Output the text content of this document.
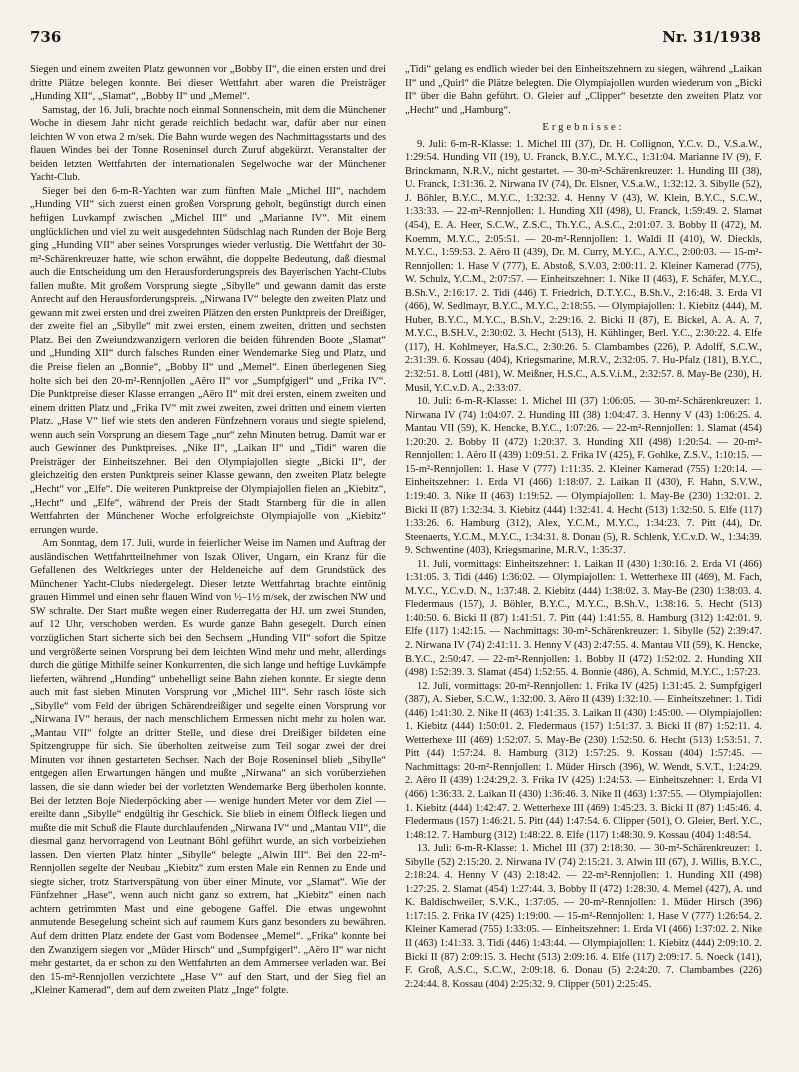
736	Nr. 31/1938

Siegen und einem zweiten Platz gewonnen vor „Bobby II“, die einen ersten und drei dritte Plätze belegen konnte. Bei dieser Wettfahrt aber waren die Preisträger „Hunding XII“, „Slamat“, „Bobby II“ und „Memel“.

Samstag, der 16. Juli, brachte noch einmal Sonnenschein, mit dem die Münchener Woche in diesem Jahr nicht gerade reichlich bedacht war, dafür aber nur einen leichten W von etwa 2 m/sek. Die Bahn wurde wegen des Nachmittagsstarts und des flauen Windes bei der Tonne Roseninsel durch Zuruf abgekürzt. Veranstalter der beiden letzten Wettfahrten der internationalen Segelwoche war der Münchener Yacht-Club.

Sieger bei den 6-m-R-Yachten war zum fünften Male „Michel III“, nachdem „Hunding VII“ sich zuerst einen großen Vorsprung geholt, begünstigt durch einen heftigen Luvkampf zwischen „Michel III“ und „Marianne IV“. Mit einem unglücklichen und viel zu weit ausgedehnten Südschlag nach Runden der Boje Berg ging „Hunding VII“ aber seines Vorsprunges wieder verlustig. Die Wettfahrt der 30-m²-Schärenkreuzer hatte, wie schon erwähnt, die doppelte Bedeutung, daß diesmal auch die Entscheidung um den Herausforderungspreis des Bayerischen Yacht-Clubs fallen mußte. Mit großem Vorsprung siegte „Sibylle“ und gewann damit das erste Anrecht auf den Herausforderungspreis. „Nirwana IV“ belegte den zweiten Platz und gewann mit zwei ersten und drei zweiten Plätzen den ersten Punktpreis der Dreißiger, der zweite fiel an „Sibylle“ mit zwei ersten, einem zweiten, dritten und sechsten Platz. Bei den Zweiundzwanzigern verloren die beiden führenden Boote „Slamat“ und „Hunding XII“ durch falsches Runden einer Wendemarke Sieg und Platz, und die Preise fielen an „Bonnie“, „Bobby II“ und „Memel“. Einen überlegenen Sieg holte sich bei den 20-m²-Rennjollen „Aëro II“ vor „Sumpfgigerl“ und „Frika IV“. Die Punktpreise dieser Klasse errangen „Aëro II“ mit drei ersten, einem zweiten und einem dritten Platz und „Frika IV“ mit zwei zweiten, zwei dritten und einem vierten Platz. „Hase V“ lief wie stets den anderen Fünfzehnern voraus und siegte spielend, wenn auch sein Vorsprung an diesem Tage „nur“ zehn Minuten betrug. Damit war er auch Gewinner des Punktpreises. „Nike II“, „Laikan II“ und „Tidi“ waren die Preisträger der Einheitszehner. Bei den Olympiajollen siegte „Bicki II“, der gleichzeitig den ersten Punktpreis seiner Klasse gewann, den zweiten Platz belegte „Hecht“ vor „Elfe“. Die weiteren Punktpreise der Olympiajollen fielen an „Kiebitz“, „Hecht“ und „Elfe“, während der Preis der Stadt Starnberg für die in allen Wettfahrten der Münchener Woche erfolgreichste Olympiajolle von „Kiebitz“ errungen wurde.

Am Sonntag, dem 17. Juli, wurde in feierlicher Weise im Namen und Auftrag der ausländischen Wettfahrtteilnehmer von Iszak Oliver, Ungarn, ein Kranz für die Gefallenen des Weltkrieges unter der Heldeneiche auf dem Grundstück des Münchener Yacht-Clubs niedergelegt. Dieser letzte Wettfahrtag brachte eintönig grauen Himmel und einen sehr flauen Wind von ½–1½ m/sek, der zwischen NW und SW schralte. Der Start mußte wegen einer Ruderregatta der HJ. um zwei Stunden, auf 12 Uhr, verschoben werden. Es wurde ganze Bahn gesegelt. Durch einen vorzüglichen Start sicherte sich bei den Sechsern „Hunding VII“ sofort die Spitze und vergrößerte seinen Vorsprung bei dem leichten Wind mehr und mehr, allerdings durch die gütige Mithilfe seiner Konkurrenten, die sich lange und heftige Luvkämpfe lieferten, während „Hunding“ unbehelligt seine Bahn ziehen konnte. Er siegte denn auch mit fast sieben Minuten Vorsprung vor „Michel III“. Sehr rasch löste sich „Sibylle“ vom Feld der übrigen Schärendreißiger und segelte einen Vorsprung vor „Nirwana IV“ heraus, der nach menschlichem Ermessen nicht mehr zu holen war. „Mantau VII“ folgte an dritter Stelle, und diese drei Dreißiger bildeten eine Spitzengruppe für sich. Sie überholten zeitweise zum Teil sogar zwei der drei Minuten vor ihnen gestarteten Sechser. Nach der Boje Roseninsel blieb „Sibylle“ entgegen allen Erwartungen hängen und mußte „Nirwana“ an sich vorüberziehen lassen, die sie dann wieder bei der vorletzten Wendemarke Berg überholen konnte. Bei der letzten Boje Niederpöcking aber — wenige hundert Meter vor dem Ziel — ereilte dann „Sibylle“ endgültig ihr Geschick. Sie blieb in einem Ölfleck liegen und mußte die mit Schuß die Flaute durchlaufenden „Nirwana IV“ und „Mantau VII“, die diesmal ganz hervorragend von Leutnant Böhl geführt wurde, an sich vorbeiziehen lassen. Den vierten Platz hinter „Sibylle“ belegte „Alwin III“. Bei den 22-m²-Rennjollen segelte der Neubau „Kiebitz“ zum ersten Male ein Rennen zu Ende und siegte sicher, trotz Startverspätung von über einer Minute, vor „Slamat“. Wie der Fünfzehner „Hase“, wenn auch nicht ganz so extrem, hat „Kiebitz“ einen nach achtern getrimmten Mast und eine gebogene Gaffel. Die etwas ungewohnt anmutende Besegelung scheint sich auf raumem Kurs ganz besonders zu bewähren. Auf dem dritten Platz endete der Gast vom Bodensee „Memel“. „Frika“ konnte bei den Zwanzigern siegen vor „Müder Hirsch“ und „Sumpfgigerl“. „Aëro II“ war nicht mehr gestartet, da er schon zu den Wettfahrten an dem Ammersee verladen war. Bei den 15-m²-Rennjollen verzichtete „Hase V“ auf den Start, und der Sieg fiel an „Kleiner Kamerad“, dem auf dem zweiten Platz „Inge“ folgte.

„Tidi“ gelang es endlich wieder bei den Einheitszehnern zu siegen, während „Laikan II“ und „Quirl“ die Plätze belegten. Die Olympiajollen wurden wiederum von „Bicki II“ über die Bahn geführt. O. Gleier auf „Clipper“ besetzte den zweiten Platz vor „Hecht“ und „Hamburg“.

Ergebnisse:

9. Juli: 6-m-R-Klasse: 1. Michel III (37), Dr. H. Collignon, Y.C.v. D., V.S.a.W., 1:29:54. Hunding VII (19), U. Franck, B.Y.C., M.Y.C., 1:31:04. Marianne IV (9), F. Brinckmann, N.R.V., nicht gestartet. — 30-m²-Schärenkreuzer: 1. Hunding III (38), U. Franck, 1:31:36. 2. Nirwana IV (74), Dr. Elsner, V.S.a.W., 1:32:12. 3. Sibylle (52), J. Böhler, B.Y.C., M.Y.C., 1:32:32. 4. Henny V (43), W. Klein, B.Y.C., S.C.W., 1:33:33. — 22-m²-Rennjollen: 1. Hunding XII (498), U. Franck, 1:59:49. 2. Slamat (454), E. A. Heer, S.C.W., Z.S.C., Th.Y.C., A.S.C., 2:01:07. 3. Bobby II (472), M. Koemm, M.Y.C., 2:05:51. — 20-m²-Rennjollen: 1. Waldi II (410), W. Dieckls, M.Y.C., 1:59:53. 2. Aëro II (439), Dr. M. Curry, M.Y.C., A.Y.C., 2:00:03. — 15-m²-Rennjollen: 1. Hase V (777), E. Abstoß, S.V.03, 2:00:11. 2. Kleiner Kamerad (775), W. Schulz, Y.C.M., 2:07:57. — Einheitszehner: 1. Nike II (463), F. Schäfer, M.Y.C., B.Sh.V., 2:16:17. 2. Tidi (446) T. Friedrich, D.T.Y.C., B.Sh.V., 2:16:48. 3. Erda VI (466), W. Sedlmayr, B.Y.C., M.Y.C., 2:18:55. — Olympiajollen: 1. Kiebitz (444), M. Huber, B.Y.C., M.Y.C., B.Sh.V., 2:29:16. 2. Bicki II (87), E. Bickel, A. A. A. 7, M.Y.C., B.SH.V., 2:30:02. 3. Hecht (513), H. Kühlinger, Berl. Y.C., 2:30:22. 4. Elfe (117), H. Kohlmeyer, Ha.S.C., 2:30:26. 5. Clambambes (226), P. Adolff, S.C.W., 2:31:39. 6. Kossau (404), Kriegsmarine, M.R.V., 2:32:05. 7. Hu-Pfalz (181), B.Y.C., 2:32:51. 8. Lottl (481), W. Meißner, H.S.C., A.S.V.i.M., 2:32:57. 8. May-Be (230), H. Musil, Y.C.v.D. A., 2:33:07.

10. Juli: 6-m-R-Klasse: 1. Michel III (37) 1:06:05. — 30-m²-Schärenkreuzer: 1. Nirwana IV (74) 1:04:07. 2. Hunding III (38) 1:04:47. 3. Henny V (43) 1:06:25. 4. Mantau VII (59), K. Hencke, B.Y.C., 1:07:26. — 22-m²-Rennjollen: 1. Slamat (454) 1:20:20. 2. Bobby II (472) 1:20:37. 3. Hunding XII (498) 1:20:54. — 20-m²-Rennjollen: 1. Aëro II (439) 1:09:51. 2. Frika IV (425), F. Gohlke, Z.S.V., 1:10:15. — 15-m²-Rennjollen: 1. Hase V (777) 1:11:35. 2. Kleiner Kamerad (755) 1:20:14. — Einheitszehner: 1. Erda VI (466) 1:18:07. 2. Laikan II (430), F. Hahn, S.V.W., 1:19:40. 3. Nike II (463) 1:19:52. — Olympiajollen: 1. May-Be (230) 1:32:01. 2. Bicki II (87) 1:32:34. 3. Kiebitz (444) 1:32:41. 4. Hecht (513) 1:32:50. 5. Elfe (117) 1:33:26. 6. Hamburg (312), Alex, Y.C.M., M.Y.C., 1:34:23. 7. Pitt (44), Dr. Steenaerts, Y.C.M., M.Y.C., 1:34:31. 8. Donau (5), R. Schlenk, Y.C.v.D. W., 1:34:39. 9. Schwentine (403), Kriegsmarine, M.R.V., 1:35:37.

11. Juli, vormittags: Einheitszehner: 1. Laikan II (430) 1:30:16. 2. Erda VI (466) 1:31:05. 3. Tidi (446) 1:36:02. — Olympiajollen: 1. Wetterhexe III (469), M. Fach, M.Y.C., Y.C.v.D. N., 1:37:48. 2. Kiebitz (444) 1:38:02. 3. May-Be (230) 1:38:03. 4. Fledermaus (157), J. Böhler, B.Y.C., M.Y.C., B.Sh.V., 1:38:16. 5. Hecht (513) 1:40:50. 6. Bicki II (87) 1:41:51. 7. Pitt (44) 1:41:55. 8. Hamburg (312) 1:42:01. 9. Elfe (117) 1:42:15. — Nachmittags: 30-m²-Schärenkreuzer: 1. Sibylle (52) 2:39:47. 2. Nirwana IV (74) 2:41:11. 3. Henny V (43) 2:47:55. 4. Mantau VII (59), K. Hencke, B.Y.C., 2:50:47. — 22-m²-Rennjollen: 1. Bobby II (472) 1:52:02. 2. Hunding XII (498) 1:52:39. 3. Slamat (454) 1:52:55. 4. Bonnie (486), A. Schmid, M.Y.C., 1:57:23.

12. Juli, vormittags: 20-m²-Rennjollen: 1. Frika IV (425) 1:31:45. 2. Sumpfgigerl (387), A. Sieber, S.C.W., 1:32:00. 3. Aëro II (439) 1:32:10. — Einheitszehner: 1. Tidi (446) 1:41:30. 2. Nike II (463) 1:41:35. 3. Laikan II (430) 1:45:00. — Olympiajollen: 1. Kiebitz (444) 1:50:01. 2. Fledermaus (157) 1:51:37. 3. Bicki II (87) 1:52:11. 4. Wetterhexe III (469) 1:52:07. 5. May-Be (230) 1:52:50. 6. Hecht (513) 1:53:51. 7. Pitt (44) 1:57:24. 8. Hamburg (312) 1:57:25. 9. Kossau (404) 1:57:45. — Nachmittags: 20-m²-Rennjollen: 1. Müder Hirsch (396), W. Wendt, S.V.T., 1:24:29. 2. Aëro II (439) 1:24:29,2. 3. Frika IV (425) 1:24:53. — Einheitszehner: 1. Erda VI (466) 1:36:33. 2. Laikan II (430) 1:36:46. 3. Nike II (463) 1:37:55. — Olympiajollen: 1. Kiebitz (444) 1:42:47. 2. Wetterhexe III (469) 1:45:23. 3. Bicki II (87) 1:45:46. 4. Fledermaus (157) 1:46:21. 5. Pitt (44) 1:47:54. 6. Clipper (501), O. Gleier, Berl. Y.C., 1:48:12. 7. Hamburg (312) 1:48:22. 8. Elfe (117) 1:48:30. 9. Kossau (404) 1:48:54.

13. Juli: 6-m-R-Klasse: 1. Michel III (37) 2:18:30. — 30-m²-Schärenkreuzer: 1. Sibylle (52) 2:15:20. 2. Nirwana IV (74) 2:15:21. 3. Alwin III (67), J. Willis, B.Y.C., 2:18:24. 4. Henny V (43) 2:18:42. — 22-m²-Rennjollen: 1. Hunding XII (498) 1:27:25. 2. Slamat (454) 1:27:44. 3. Bobby II (472) 1:28:30. 4. Memel (427), A. und K. Baldischweiler, S.V.K., 1:37:05. — 20-m²-Rennjollen: 1. Müder Hirsch (396) 1:17:15. 2. Frika IV (425) 1:19:00. — 15-m²-Rennjollen: 1. Hase V (777) 1:26:54. 2. Kleiner Kamerad (755) 1:33:05. — Einheitszehner: 1. Erda VI (466) 1:37:02. 2. Nike II (463) 1:41:33. 3. Tidi (446) 1:43:44. — Olympiajollen: 1. Kiebitz (444) 2:09:10. 2. Bicki II (87) 2:09:15. 3. Hecht (513) 2:09:16. 4. Elfe (117) 2:09:17. 5. Noeck (141), F. Groß, A.S.C., S.C.W., 2:09:18. 6. Donau (5) 2:24:20. 7. Clambambes (226) 2:24:44. 8. Kossau (404) 2:25:32. 9. Clipper (501) 2:25:45.
